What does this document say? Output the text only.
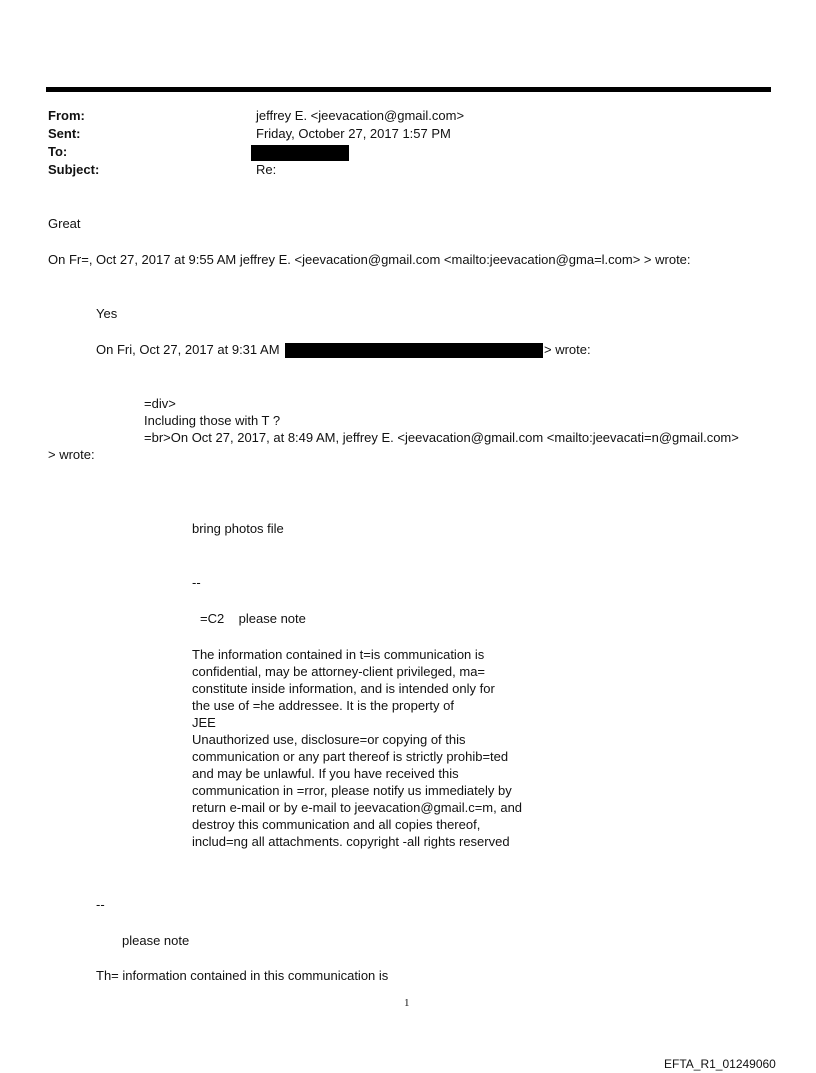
From:	jeffrey E. <jeevacation@gmail.com>
Sent:	Friday, October 27, 2017 1:57 PM
To:
Subject:	Re:
Great
On Fr=, Oct 27, 2017 at 9:55 AM jeffrey E. <jeevacation@gmail.com <mailto:jeevacation@gma=l.com> > wrote:
Yes
On Fri, Oct 27, 2017 at 9:31 AM	> wrote:
=div>
Including those with T ?
=br>On Oct 27, 2017, at 8:49 AM, jeffrey E. <jeevacation@gmail.com <mailto:jeevacati=n@gmail.com>
> wrote:
bring photos file
--
=C2    please note
The information contained in t=is communication is
confidential, may be attorney-client privileged, ma=
constitute inside information, and is intended only for
the use of =he addressee. It is the property of
JEE
Unauthorized use, disclosure=or copying of this
communication or any part thereof is strictly prohib=ted
and may be unlawful. If you have received this
communication in =rror, please notify us immediately by
return e-mail or by e-mail to jeevacation@gmail.c=m, and
destroy this communication and all copies thereof,
includ=ng all attachments. copyright -all rights reserved
--
please note
Th= information contained in this communication is
1
EFTA_R1_01249060
